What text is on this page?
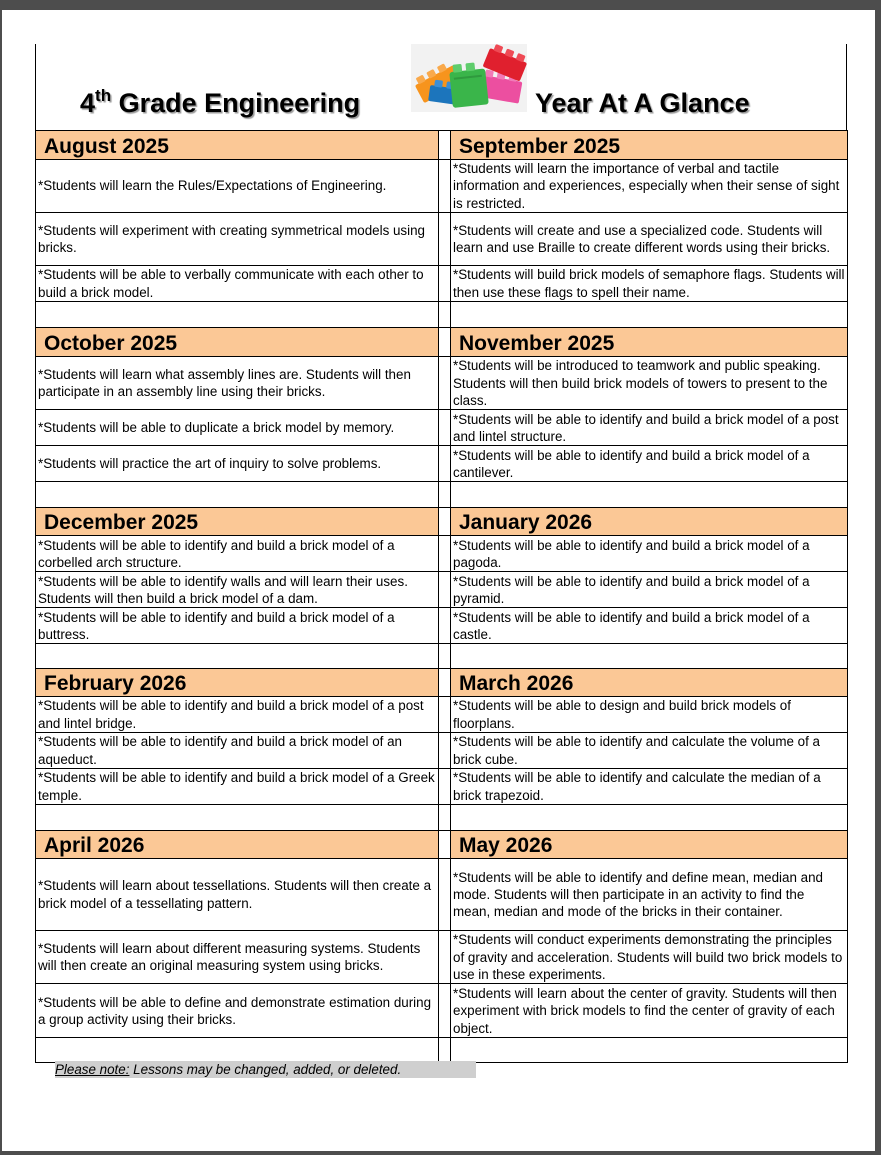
4th Grade Engineering	Year At A Glance
August 2025		September 2025
*Students will learn the Rules/Expectations of Engineering.		*Students will learn the importance of verbal and tactile information and experiences, especially when their sense of sight is restricted.
*Students will experiment with creating symmetrical models using bricks.		*Students will create and use a specialized code. Students will learn and use Braille to create different words using their bricks.
*Students will be able to verbally communicate with each other to build a brick model.		*Students will build brick models of semaphore flags. Students will then use these flags to spell their name.

October 2025		November 2025
*Students will learn what assembly lines are. Students will then participate in an assembly line using their bricks.		*Students will be introduced to teamwork and public speaking. Students will then build brick models of towers to present to the class.
*Students will be able to duplicate a brick model by memory.		*Students will be able to identify and build a brick model of a post and lintel structure.
*Students will practice the art of inquiry to solve problems.		*Students will be able to identify and build a brick model of a cantilever.

December 2025		January 2026
*Students will be able to identify and build a brick model of a corbelled arch structure.		*Students will be able to identify and build a brick model of a pagoda.
*Students will be able to identify walls and will learn their uses. Students will then build a brick model of a dam.		*Students will be able to identify and build a brick model of a pyramid.
*Students will be able to identify and build a brick model of a buttress.		*Students will be able to identify and build a brick model of a castle.

February 2026		March 2026
*Students will be able to identify and build a brick model of a post and lintel bridge.		*Students will be able to design and build brick models of floorplans.
*Students will be able to identify and build a brick model of an aqueduct.		*Students will be able to identify and calculate the volume of a brick cube.
*Students will be able to identify and build a brick model of a Greek temple.		*Students will be able to identify and calculate the median of a brick trapezoid.

April 2026		May 2026
*Students will learn about tessellations. Students will then create a brick model of a tessellating pattern.		*Students will be able to identify and define mean, median and mode. Students will then participate in an activity to find the mean, median and mode of the bricks in their container.
*Students will learn about different measuring systems. Students will then create an original measuring system using bricks.		*Students will conduct experiments demonstrating the principles of gravity and acceleration. Students will build two brick models to use in these experiments.
*Students will be able to define and demonstrate estimation during a group activity using their bricks.		*Students will learn about the center of gravity. Students will then experiment with brick models to find the center of gravity of each object.

Please note: Lessons may be changed, added, or deleted.
